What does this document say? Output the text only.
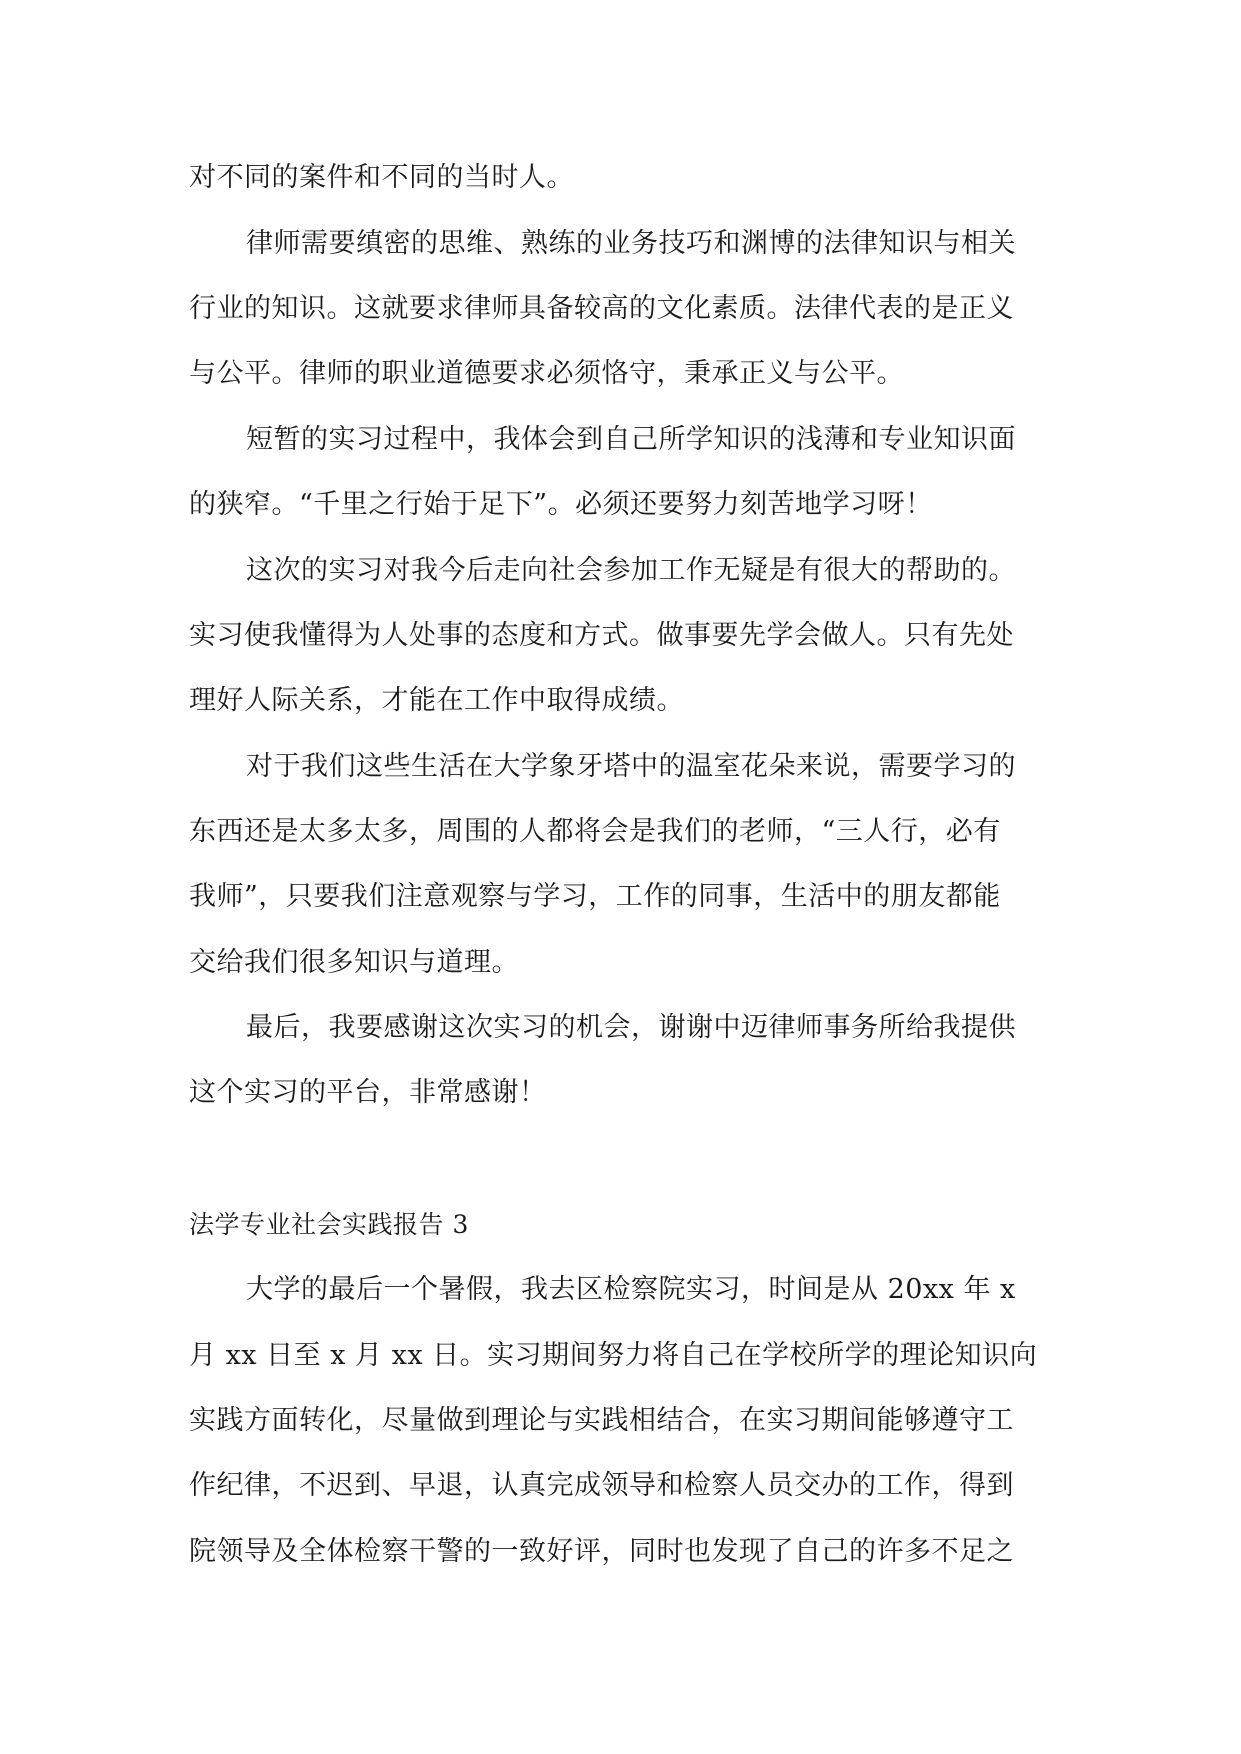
对不同的案件和不同的当时人。
律师需要缜密的思维、熟练的业务技巧和渊博的法律知识与相关
行业的知识。这就要求律师具备较高的文化素质。法律代表的是正义
与公平。律师的职业道德要求必须恪守，秉承正义与公平。
短暂的实习过程中，我体会到自己所学知识的浅薄和专业知识面
的狭窄。“千里之行始于足下”。必须还要努力刻苦地学习呀！
这次的实习对我今后走向社会参加工作无疑是有很大的帮助的。
实习使我懂得为人处事的态度和方式。做事要先学会做人。只有先处
理好人际关系，才能在工作中取得成绩。
对于我们这些生活在大学象牙塔中的温室花朵来说，需要学习的
东西还是太多太多，周围的人都将会是我们的老师，“三人行，必有
我师”，只要我们注意观察与学习，工作的同事，生活中的朋友都能
交给我们很多知识与道理。
最后，我要感谢这次实习的机会，谢谢中迈律师事务所给我提供
这个实习的平台，非常感谢！
法学专业社会实践报告 3
大学的最后一个暑假，我去区检察院实习，时间是从 20xx 年 x
月 xx 日至 x 月 xx 日。实习期间努力将自己在学校所学的理论知识向
实践方面转化，尽量做到理论与实践相结合，在实习期间能够遵守工
作纪律，不迟到、早退，认真完成领导和检察人员交办的工作，得到
院领导及全体检察干警的一致好评，同时也发现了自己的许多不足之
